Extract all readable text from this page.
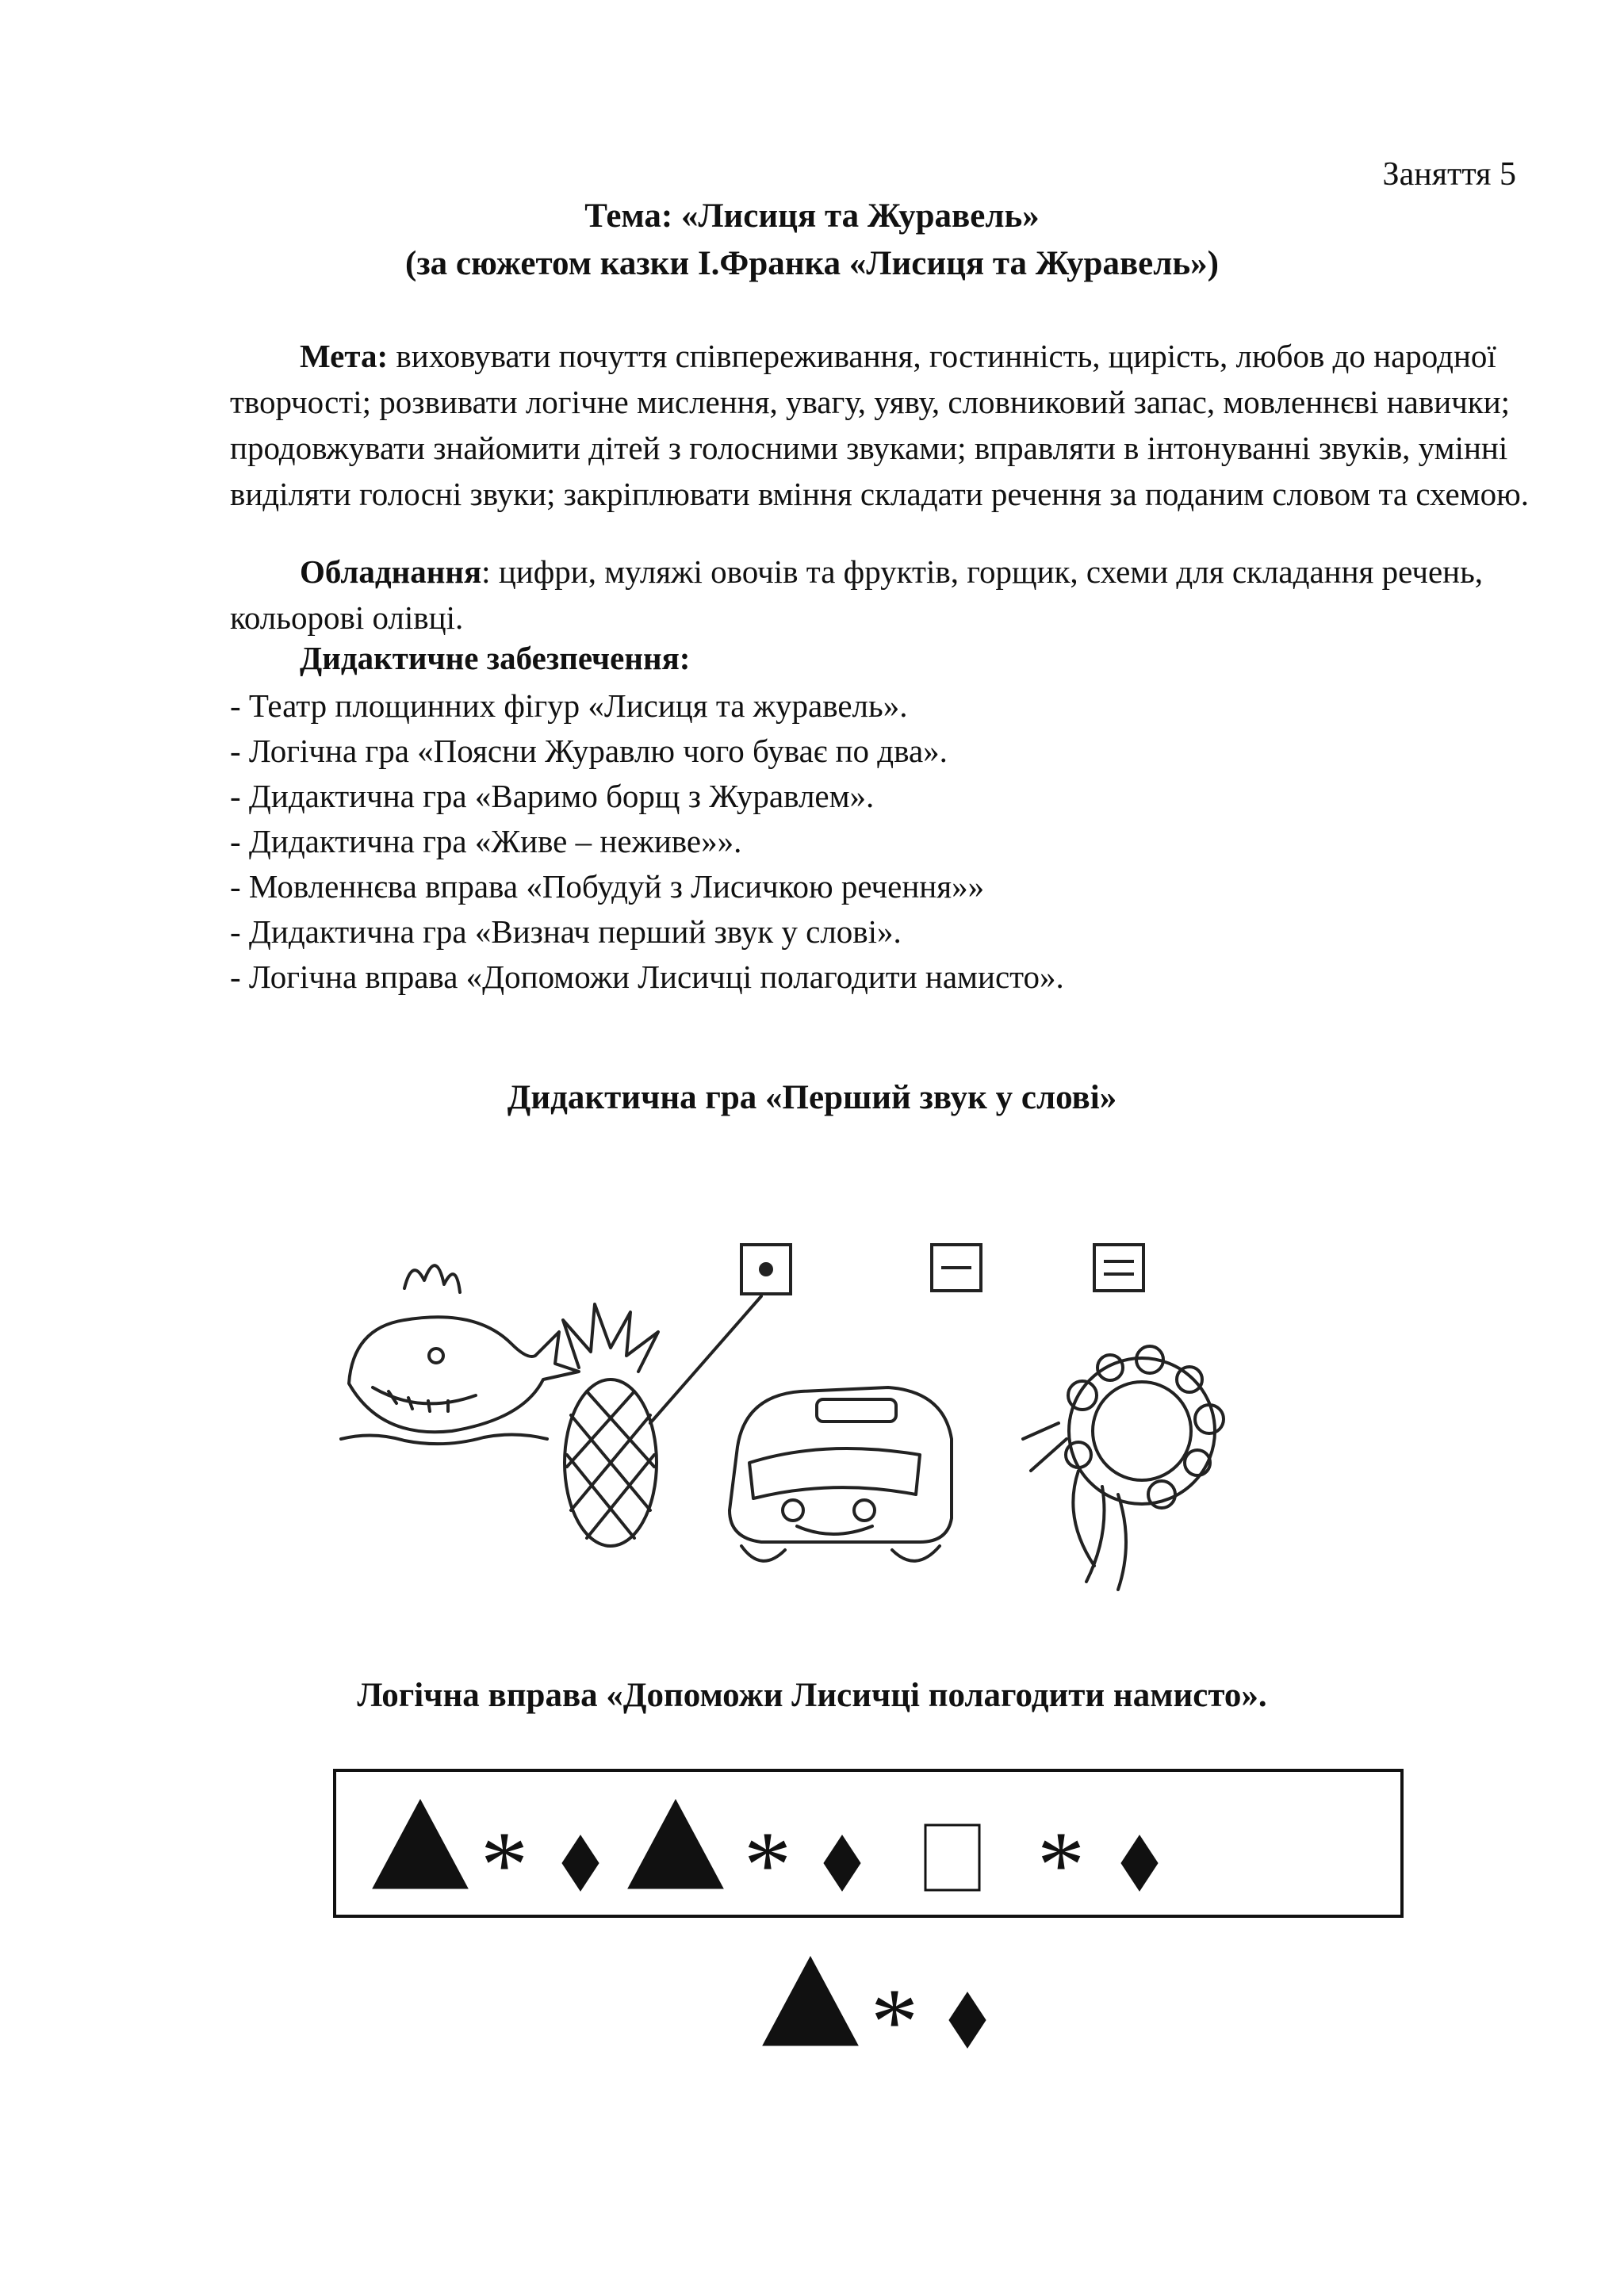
Заняття 5
Тема: «Лисиця та Журавель»
(за сюжетом казки І.Франка «Лисиця та Журавель»)
Мета: виховувати почуття співпереживання, гостинність, щирість, любов до народної творчості; розвивати логічне мислення, увагу, уяву, словниковий запас, мовленнєві навички; продовжувати знайомити дітей з голосними звуками; вправляти в інтонуванні звуків, умінні виділяти голосні звуки; закріплювати вміння складати речення за поданим словом та схемою.
Обладнання: цифри, муляжі овочів та фруктів, горщик, схеми для складання речень, кольорові олівці.
Дидактичне забезпечення:
- Театр площинних фігур «Лисиця та журавель».
- Логічна гра «Поясни Журавлю чого буває по два».
- Дидактична гра «Варимо борщ з Журавлем».
- Дидактична гра «Живе – неживе»».
- Мовленнєва вправа «Побудуй з Лисичкою речення»»
- Дидактична гра «Визнач перший звук у слові».
- Логічна вправа «Допоможи Лисичці полагодити намисто».
Дидактична гра «Перший звук у слові»
Логічна вправа «Допоможи Лисичці полагодити намисто».
* *	*
*
